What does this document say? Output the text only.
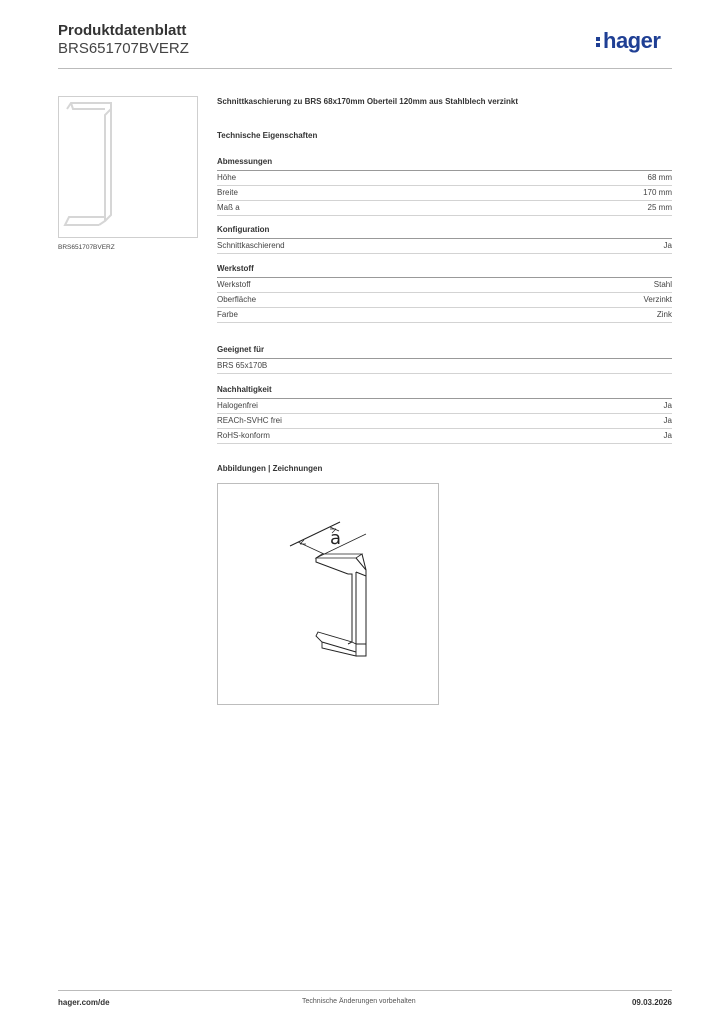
Produktdatenblatt
BRS651707BVERZ	hager
BRS651707BVERZ
Schnittkaschierung zu BRS 68x170mm Oberteil 120mm aus Stahlblech verzinkt
Technische Eigenschaften
Abmessungen
Höhe	68 mm
Breite	170 mm
Maß a	25 mm
Konfiguration
Schnittkaschierend	Ja
Werkstoff
Werkstoff	Stahl
Oberfläche	Verzinkt
Farbe	Zink
Geeignet für
BRS 65x170B
Nachhaltigkeit
Halogenfrei	Ja
REACh-SVHC frei	Ja
RoHS-konform	Ja
Abbildungen | Zeichnungen
a
hager.com/de	Technische Änderungen vorbehalten	09.03.2026
